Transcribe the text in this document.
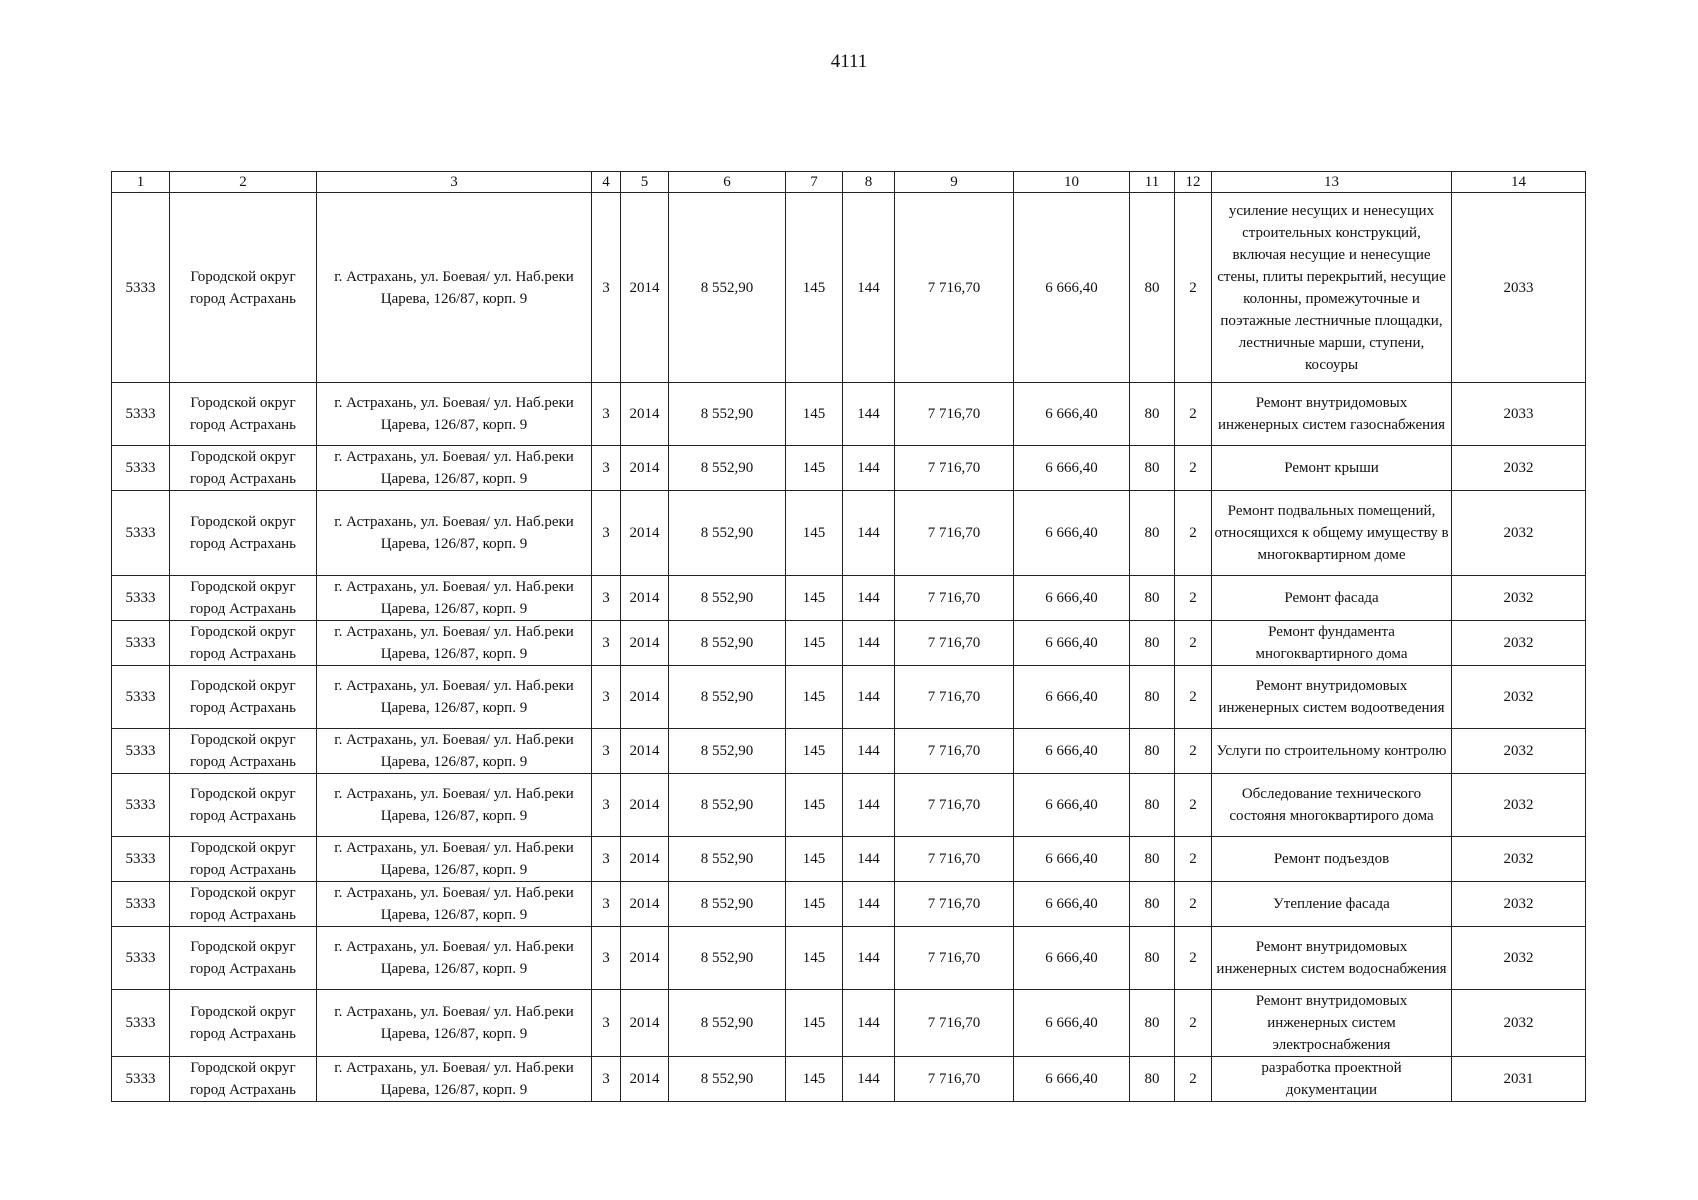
4111
1	2	3	4	5	6	7	8	9	10	11	12	13	14
5333	Городской округ город Астрахань	г. Астрахань, ул. Боевая/ ул. Наб.реки Царева, 126/87, корп. 9	3	2014	8 552,90	145	144	7 716,70	6 666,40	80	2	усиление несущих и ненесущих строительных конструкций, включая несущие и ненесущие стены, плиты перекрытий, несущие колонны, промежуточные и поэтажные лестничные площадки, лестничные марши, ступени, косоуры	2033
5333	Городской округ город Астрахань	г. Астрахань, ул. Боевая/ ул. Наб.реки Царева, 126/87, корп. 9	3	2014	8 552,90	145	144	7 716,70	6 666,40	80	2	Ремонт внутридомовых инженерных систем газоснабжения	2033
5333	Городской округ город Астрахань	г. Астрахань, ул. Боевая/ ул. Наб.реки Царева, 126/87, корп. 9	3	2014	8 552,90	145	144	7 716,70	6 666,40	80	2	Ремонт крыши	2032
5333	Городской округ город Астрахань	г. Астрахань, ул. Боевая/ ул. Наб.реки Царева, 126/87, корп. 9	3	2014	8 552,90	145	144	7 716,70	6 666,40	80	2	Ремонт подвальных помещений, относящихся к общему имуществу в многоквартирном доме	2032
5333	Городской округ город Астрахань	г. Астрахань, ул. Боевая/ ул. Наб.реки Царева, 126/87, корп. 9	3	2014	8 552,90	145	144	7 716,70	6 666,40	80	2	Ремонт фасада	2032
5333	Городской округ город Астрахань	г. Астрахань, ул. Боевая/ ул. Наб.реки Царева, 126/87, корп. 9	3	2014	8 552,90	145	144	7 716,70	6 666,40	80	2	Ремонт фундамента многоквартирного дома	2032
5333	Городской округ город Астрахань	г. Астрахань, ул. Боевая/ ул. Наб.реки Царева, 126/87, корп. 9	3	2014	8 552,90	145	144	7 716,70	6 666,40	80	2	Ремонт внутридомовых инженерных систем водоотведения	2032
5333	Городской округ город Астрахань	г. Астрахань, ул. Боевая/ ул. Наб.реки Царева, 126/87, корп. 9	3	2014	8 552,90	145	144	7 716,70	6 666,40	80	2	Услуги по строительному контролю	2032
5333	Городской округ город Астрахань	г. Астрахань, ул. Боевая/ ул. Наб.реки Царева, 126/87, корп. 9	3	2014	8 552,90	145	144	7 716,70	6 666,40	80	2	Обследование технического состояня многоквартирого дома	2032
5333	Городской округ город Астрахань	г. Астрахань, ул. Боевая/ ул. Наб.реки Царева, 126/87, корп. 9	3	2014	8 552,90	145	144	7 716,70	6 666,40	80	2	Ремонт подъездов	2032
5333	Городской округ город Астрахань	г. Астрахань, ул. Боевая/ ул. Наб.реки Царева, 126/87, корп. 9	3	2014	8 552,90	145	144	7 716,70	6 666,40	80	2	Утепление фасада	2032
5333	Городской округ город Астрахань	г. Астрахань, ул. Боевая/ ул. Наб.реки Царева, 126/87, корп. 9	3	2014	8 552,90	145	144	7 716,70	6 666,40	80	2	Ремонт внутридомовых инженерных систем водоснабжения	2032
5333	Городской округ город Астрахань	г. Астрахань, ул. Боевая/ ул. Наб.реки Царева, 126/87, корп. 9	3	2014	8 552,90	145	144	7 716,70	6 666,40	80	2	Ремонт внутридомовых инженерных систем электроснабжения	2032
5333	Городской округ город Астрахань	г. Астрахань, ул. Боевая/ ул. Наб.реки Царева, 126/87, корп. 9	3	2014	8 552,90	145	144	7 716,70	6 666,40	80	2	разработка проектной документации	2031
